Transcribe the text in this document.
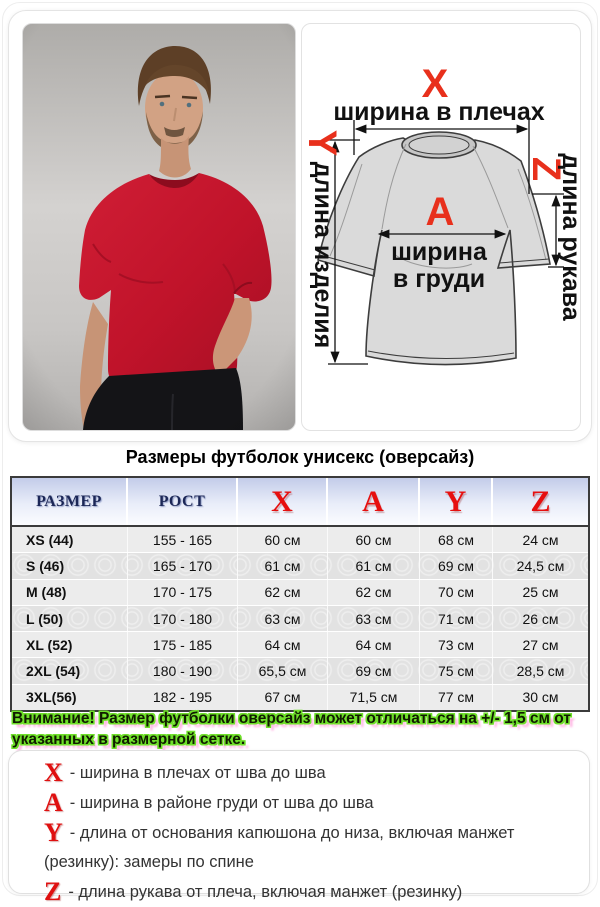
X
ширина в плечах
A
ширина
в груди
Y
длина изделия	Z
длина рукава
Размеры футболок унисекс (оверсайз)
РАЗМЕР	РОСТ	X	A	Y	Z
XS (44)	155 - 165	60 см	60 см	68 см	24 см
S (46)	165 - 170	61 см	61 см	69 см	24,5 см
M (48)	170 - 175	62 см	62 см	70 см	25 см
L (50)	170 - 180	63 см	63 см	71 см	26 см
XL (52)	175 - 185	64 см	64 см	73 см	27 см
2XL (54)	180 - 190	65,5 см	69 см	75 см	28,5 см
3XL(56)	182 - 195	67 см	71,5 см	77 см	30 см
Внимание! Размер футболки оверсайз может отличаться на +/- 1,5 см от указанных в размерной сетке.
X - ширина в плечах от шва до шва
A - ширина в районе груди от шва до шва
Y - длина от основания капюшона до низа, включая манжет (резинку): замеры по спине
Z - длина рукава от плеча, включая манжет (резинку)
